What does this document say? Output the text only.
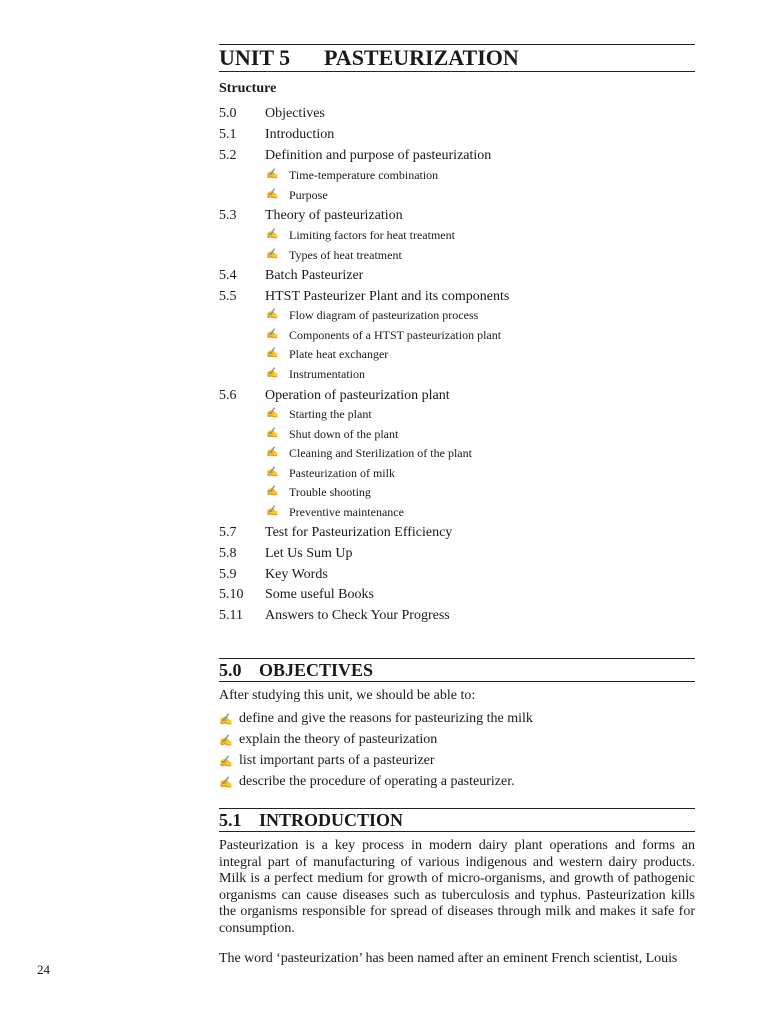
UNIT 5 PASTEURIZATION
Structure
5.0 Objectives
5.1 Introduction
5.2 Definition and purpose of pasteurization
✍ Time-temperature combination
✍ Purpose
5.3 Theory of pasteurization
✍ Limiting factors for heat treatment
✍ Types of heat treatment
5.4 Batch Pasteurizer
5.5 HTST Pasteurizer Plant and its components
✍ Flow diagram of pasteurization process
✍ Components of a HTST pasteurization plant
✍ Plate heat exchanger
✍ Instrumentation
5.6 Operation of pasteurization plant
✍ Starting the plant
✍ Shut down of the plant
✍ Cleaning and Sterilization of the plant
✍ Pasteurization of milk
✍ Trouble shooting
✍ Preventive maintenance
5.7 Test for Pasteurization Efficiency
5.8 Let Us Sum Up
5.9 Key Words
5.10 Some useful Books
5.11 Answers to Check Your Progress
5.0 OBJECTIVES
After studying this unit, we should be able to:
✍ define and give the reasons for pasteurizing the milk
✍ explain the theory of pasteurization
✍ list important parts of a pasteurizer
✍ describe the procedure of operating a pasteurizer.
5.1 INTRODUCTION
Pasteurization is a key process in modern dairy plant operations and forms an integral part of manufacturing of various indigenous and western dairy products. Milk is a perfect medium for growth of micro-organisms, and growth of pathogenic organisms can cause diseases such as tuberculosis and typhus. Pasteurization kills the organisms responsible for spread of diseases through milk and makes it safe for consumption.
The word ‘pasteurization’ has been named after an eminent French scientist, Louis
24
